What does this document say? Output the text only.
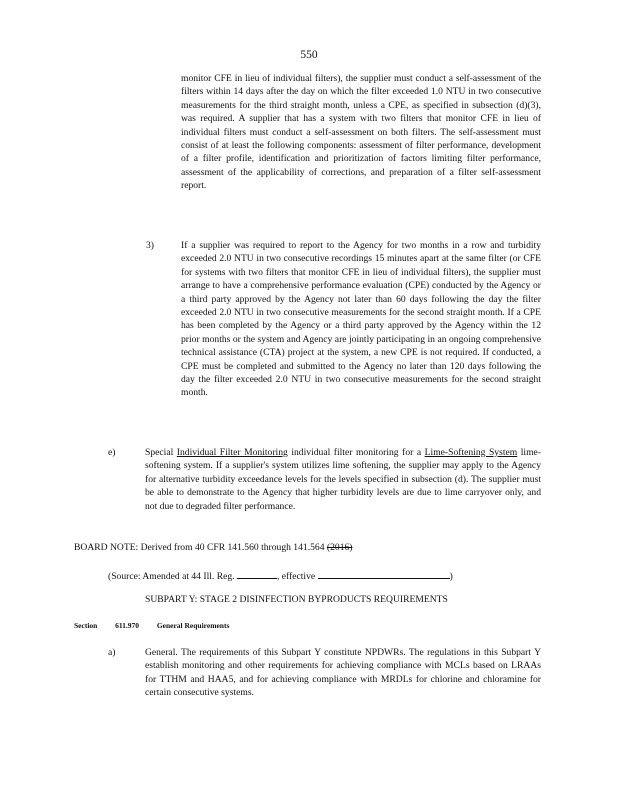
550
monitor CFE in lieu of individual filters), the supplier must conduct a self-assessment of the filters within 14 days after the day on which the filter exceeded 1.0 NTU in two consecutive measurements for the third straight month, unless a CPE, as specified in subsection (d)(3), was required. A supplier that has a system with two filters that monitor CFE in lieu of individual filters must conduct a self-assessment on both filters. The self-assessment must consist of at least the following components: assessment of filter performance, development of a filter profile, identification and prioritization of factors limiting filter performance, assessment of the applicability of corrections, and preparation of a filter self-assessment report.
3)	If a supplier was required to report to the Agency for two months in a row and turbidity exceeded 2.0 NTU in two consecutive recordings 15 minutes apart at the same filter (or CFE for systems with two filters that monitor CFE in lieu of individual filters), the supplier must arrange to have a comprehensive performance evaluation (CPE) conducted by the Agency or a third party approved by the Agency not later than 60 days following the day the filter exceeded 2.0 NTU in two consecutive measurements for the second straight month. If a CPE has been completed by the Agency or a third party approved by the Agency within the 12 prior months or the system and Agency are jointly participating in an ongoing comprehensive technical assistance (CTA) project at the system, a new CPE is not required. If conducted, a CPE must be completed and submitted to the Agency no later than 120 days following the day the filter exceeded 2.0 NTU in two consecutive measurements for the second straight month.
e)	Special Individual Filter Monitoring individual filter monitoring for a Lime-Softening System lime-softening system. If a supplier's system utilizes lime softening, the supplier may apply to the Agency for alternative turbidity exceedance levels for the levels specified in subsection (d). The supplier must be able to demonstrate to the Agency that higher turbidity levels are due to lime carryover only, and not due to degraded filter performance.
BOARD NOTE: Derived from 40 CFR 141.560 through 141.564 (2016)
(Source: Amended at 44 Ill. Reg.	, effective	)
SUBPART Y: STAGE 2 DISINFECTION BYPRODUCTS REQUIREMENTS
Section 611.970 General Requirements
a)	General. The requirements of this Subpart Y constitute NPDWRs. The regulations in this Subpart Y establish monitoring and other requirements for achieving compliance with MCLs based on LRAAs for TTHM and HAA5, and for achieving compliance with MRDLs for chlorine and chloramine for certain consecutive systems.
